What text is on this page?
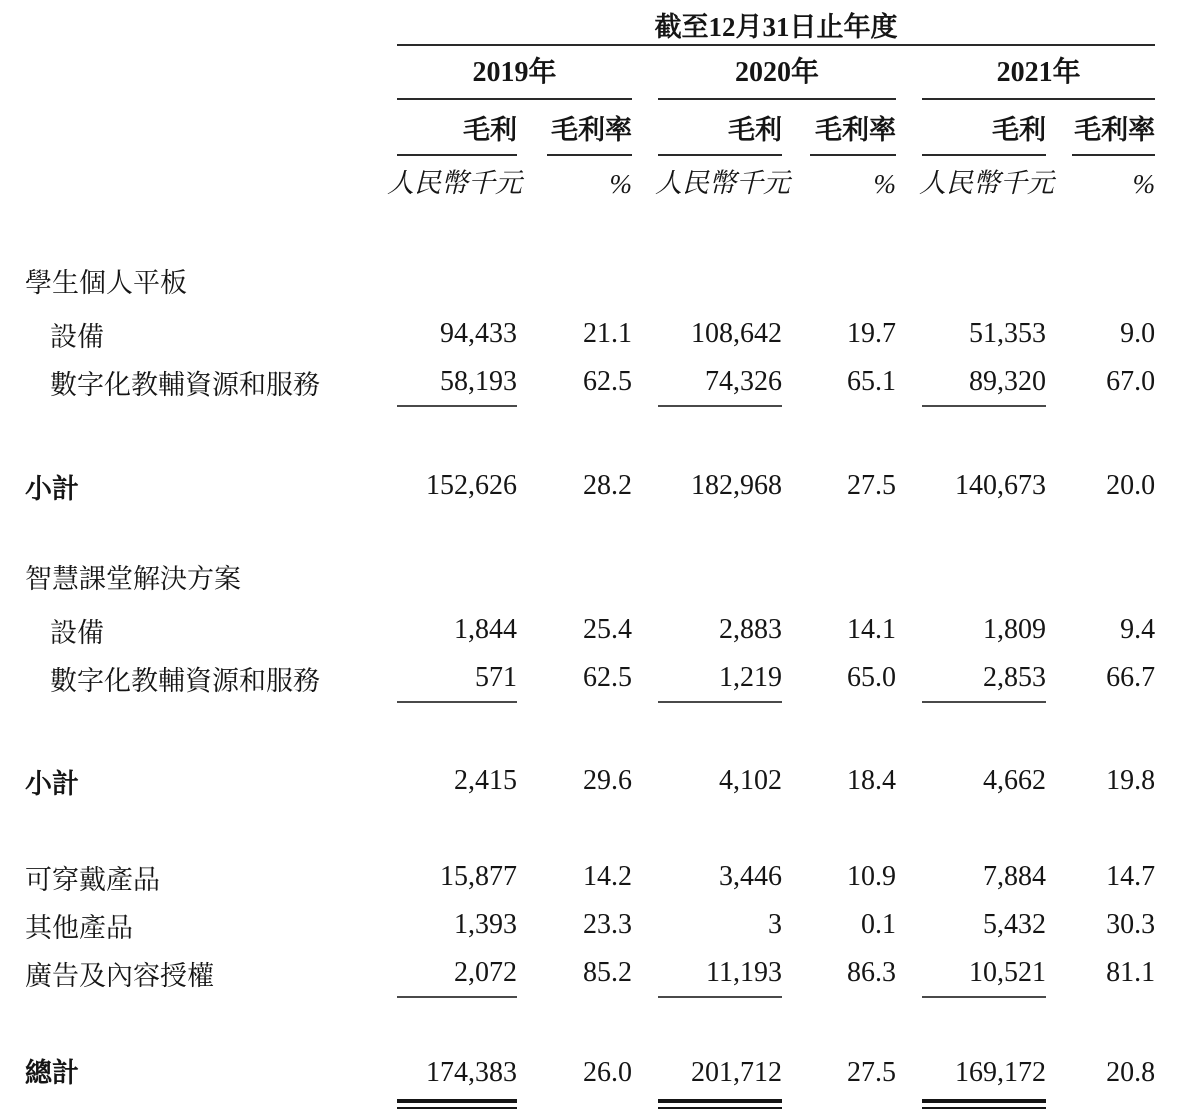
		截至12月31日止年度											
		2019年				2020年				2021年			
		毛利		毛利率		毛利		毛利率		毛利		毛利率	
	人民幣千元		%		人民幣千元		%		人民幣千元		%		

學生個人平板													

設備		94,433		21.1		108,642		19.7		51,353		9.0	
數字化教輔資源和服務		58,193		62.5		74,326		65.1		89,320		67.0	

小計		152,626		28.2		182,968		27.5		140,673		20.0	

智慧課堂解決方案													

設備		1,844		25.4		2,883		14.1		1,809		9.4	
數字化教輔資源和服務		571		62.5		1,219		65.0		2,853		66.7	

小計		2,415		29.6		4,102		18.4		4,662		19.8	

可穿戴產品		15,877		14.2		3,446		10.9		7,884		14.7	
其他產品		1,393		23.3		3		0.1		5,432		30.3	
廣告及內容授權		2,072		85.2		11,193		86.3		10,521		81.1	

總計		174,383		26.0		201,712		27.5		169,172		20.8	
